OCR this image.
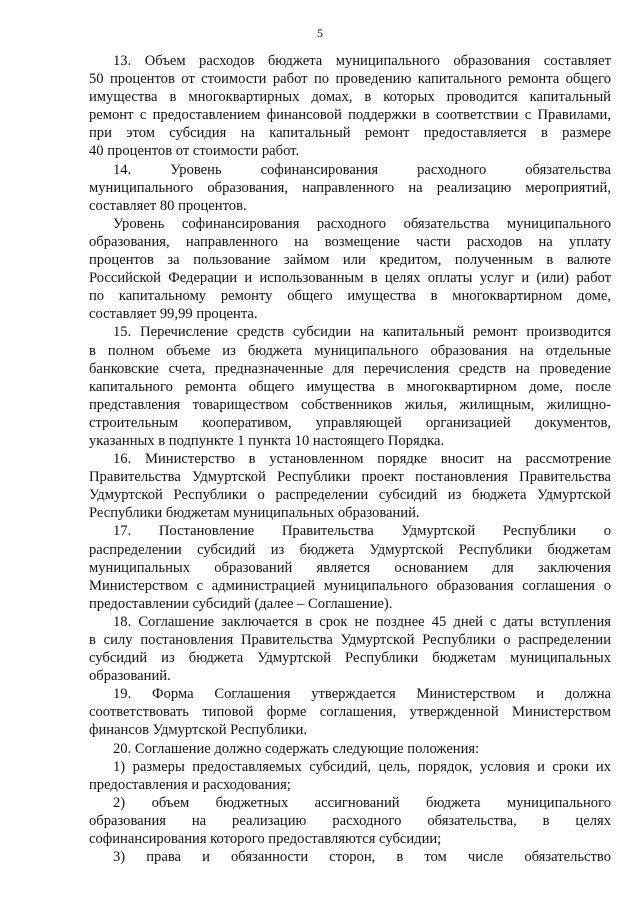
5
13. Объем расходов бюджета муниципального образования составляет
50 процентов от стоимости работ по проведению капитального ремонта общего
имущества в многоквартирных домах, в которых проводится капитальный
ремонт с предоставлением финансовой поддержки в соответствии с Правилами,
при этом субсидия на капитальный ремонт предоставляется в размере
40 процентов от стоимости работ.
14. Уровень софинансирования расходного обязательства
муниципального образования, направленного на реализацию мероприятий,
составляет 80 процентов.
Уровень софинансирования расходного обязательства муниципального
образования, направленного на возмещение части расходов на уплату
процентов за пользование займом или кредитом, полученным в валюте
Российской Федерации и использованным в целях оплаты услуг и (или) работ
по капитальному ремонту общего имущества в многоквартирном доме,
составляет 99,99 процента.
15. Перечисление средств субсидии на капитальный ремонт производится
в полном объеме из бюджета муниципального образования на отдельные
банковские счета, предназначенные для перечисления средств на проведение
капитального ремонта общего имущества в многоквартирном доме, после
представления товариществом собственников жилья, жилищным, жилищно-
строительным кооперативом, управляющей организацией документов,
указанных в подпункте 1 пункта 10 настоящего Порядка.
16. Министерство в установленном порядке вносит на рассмотрение
Правительства Удмуртской Республики проект постановления Правительства
Удмуртской Республики о распределении субсидий из бюджета Удмуртской
Республики бюджетам муниципальных образований.
17. Постановление Правительства Удмуртской Республики о
распределении субсидий из бюджета Удмуртской Республики бюджетам
муниципальных образований является основанием для заключения
Министерством с администрацией муниципального образования соглашения о
предоставлении субсидий (далее – Соглашение).
18. Соглашение заключается в срок не позднее 45 дней с даты вступления
в силу постановления Правительства Удмуртской Республики о распределении
субсидий из бюджета Удмуртской Республики бюджетам муниципальных
образований.
19. Форма Соглашения утверждается Министерством и должна
соответствовать типовой форме соглашения, утвержденной Министерством
финансов Удмуртской Республики.
20. Соглашение должно содержать следующие положения:
1) размеры предоставляемых субсидий, цель, порядок, условия и сроки их
предоставления и расходования;
2) объем бюджетных ассигнований бюджета муниципального
образования на реализацию расходного обязательства, в целях
софинансирования которого предоставляются субсидии;
3) права и обязанности сторон, в том числе обязательство
